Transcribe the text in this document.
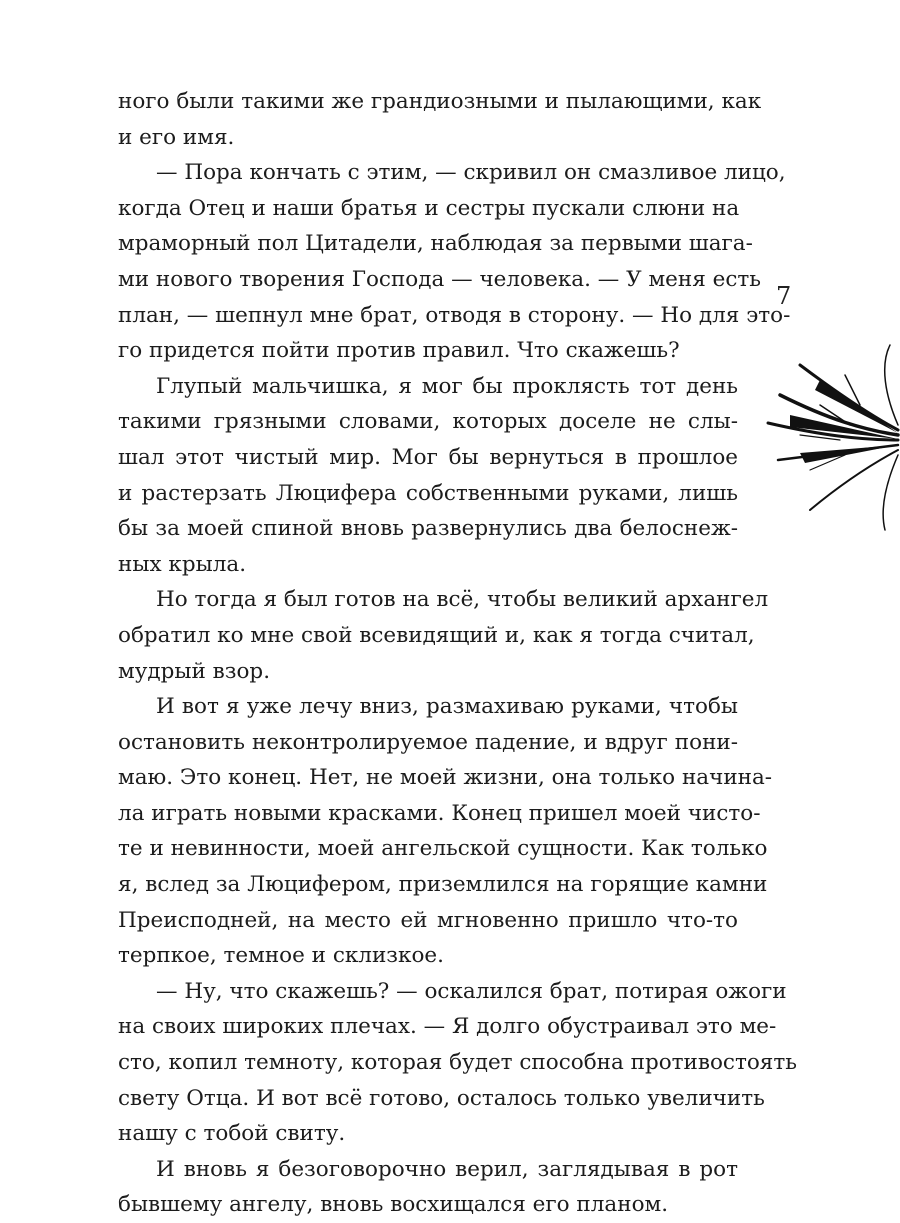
ного были такими же грандиозными и пылающими, как
и его имя.
— Пора кончать с этим, — скривил он смазливое лицо,
когда Отец и наши братья и сестры пускали слюни на
мраморный пол Цитадели, наблюдая за первыми шага-
ми нового творения Господа — человека. — У меня есть
план, — шепнул мне брат, отводя в сторону. — Но для это-
го придется пойти против правил. Что скажешь?
Глупый мальчишка, я мог бы проклясть тот день
такими грязными словами, которых доселе не слы-
шал этот чистый мир. Мог бы вернуться в прошлое
и растерзать Люцифера собственными руками, лишь
бы за моей спиной вновь развернулись два белоснеж-
ных крыла.
Но тогда я был готов на всё, чтобы великий архангел
обратил ко мне свой всевидящий и, как я тогда считал,
мудрый взор.
И вот я уже лечу вниз, размахиваю руками, чтобы
остановить неконтролируемое падение, и вдруг пони-
маю. Это конец. Нет, не моей жизни, она только начина-
ла играть новыми красками. Конец пришел моей чисто-
те и невинности, моей ангельской сущности. Как только
я, вслед за Люцифером, приземлился на горящие камни
Преисподней, на место ей мгновенно пришло что-то
терпкое, темное и склизкое.
— Ну, что скажешь? — оскалился брат, потирая ожоги
на своих широких плечах. — Я долго обустраивал это ме-
сто, копил темноту, которая будет способна противостоять
свету Отца. И вот всё готово, осталось только увеличить
нашу с тобой свиту.
И вновь я безоговорочно верил, заглядывая в рот
бывшему ангелу, вновь восхищался его планом.
7
